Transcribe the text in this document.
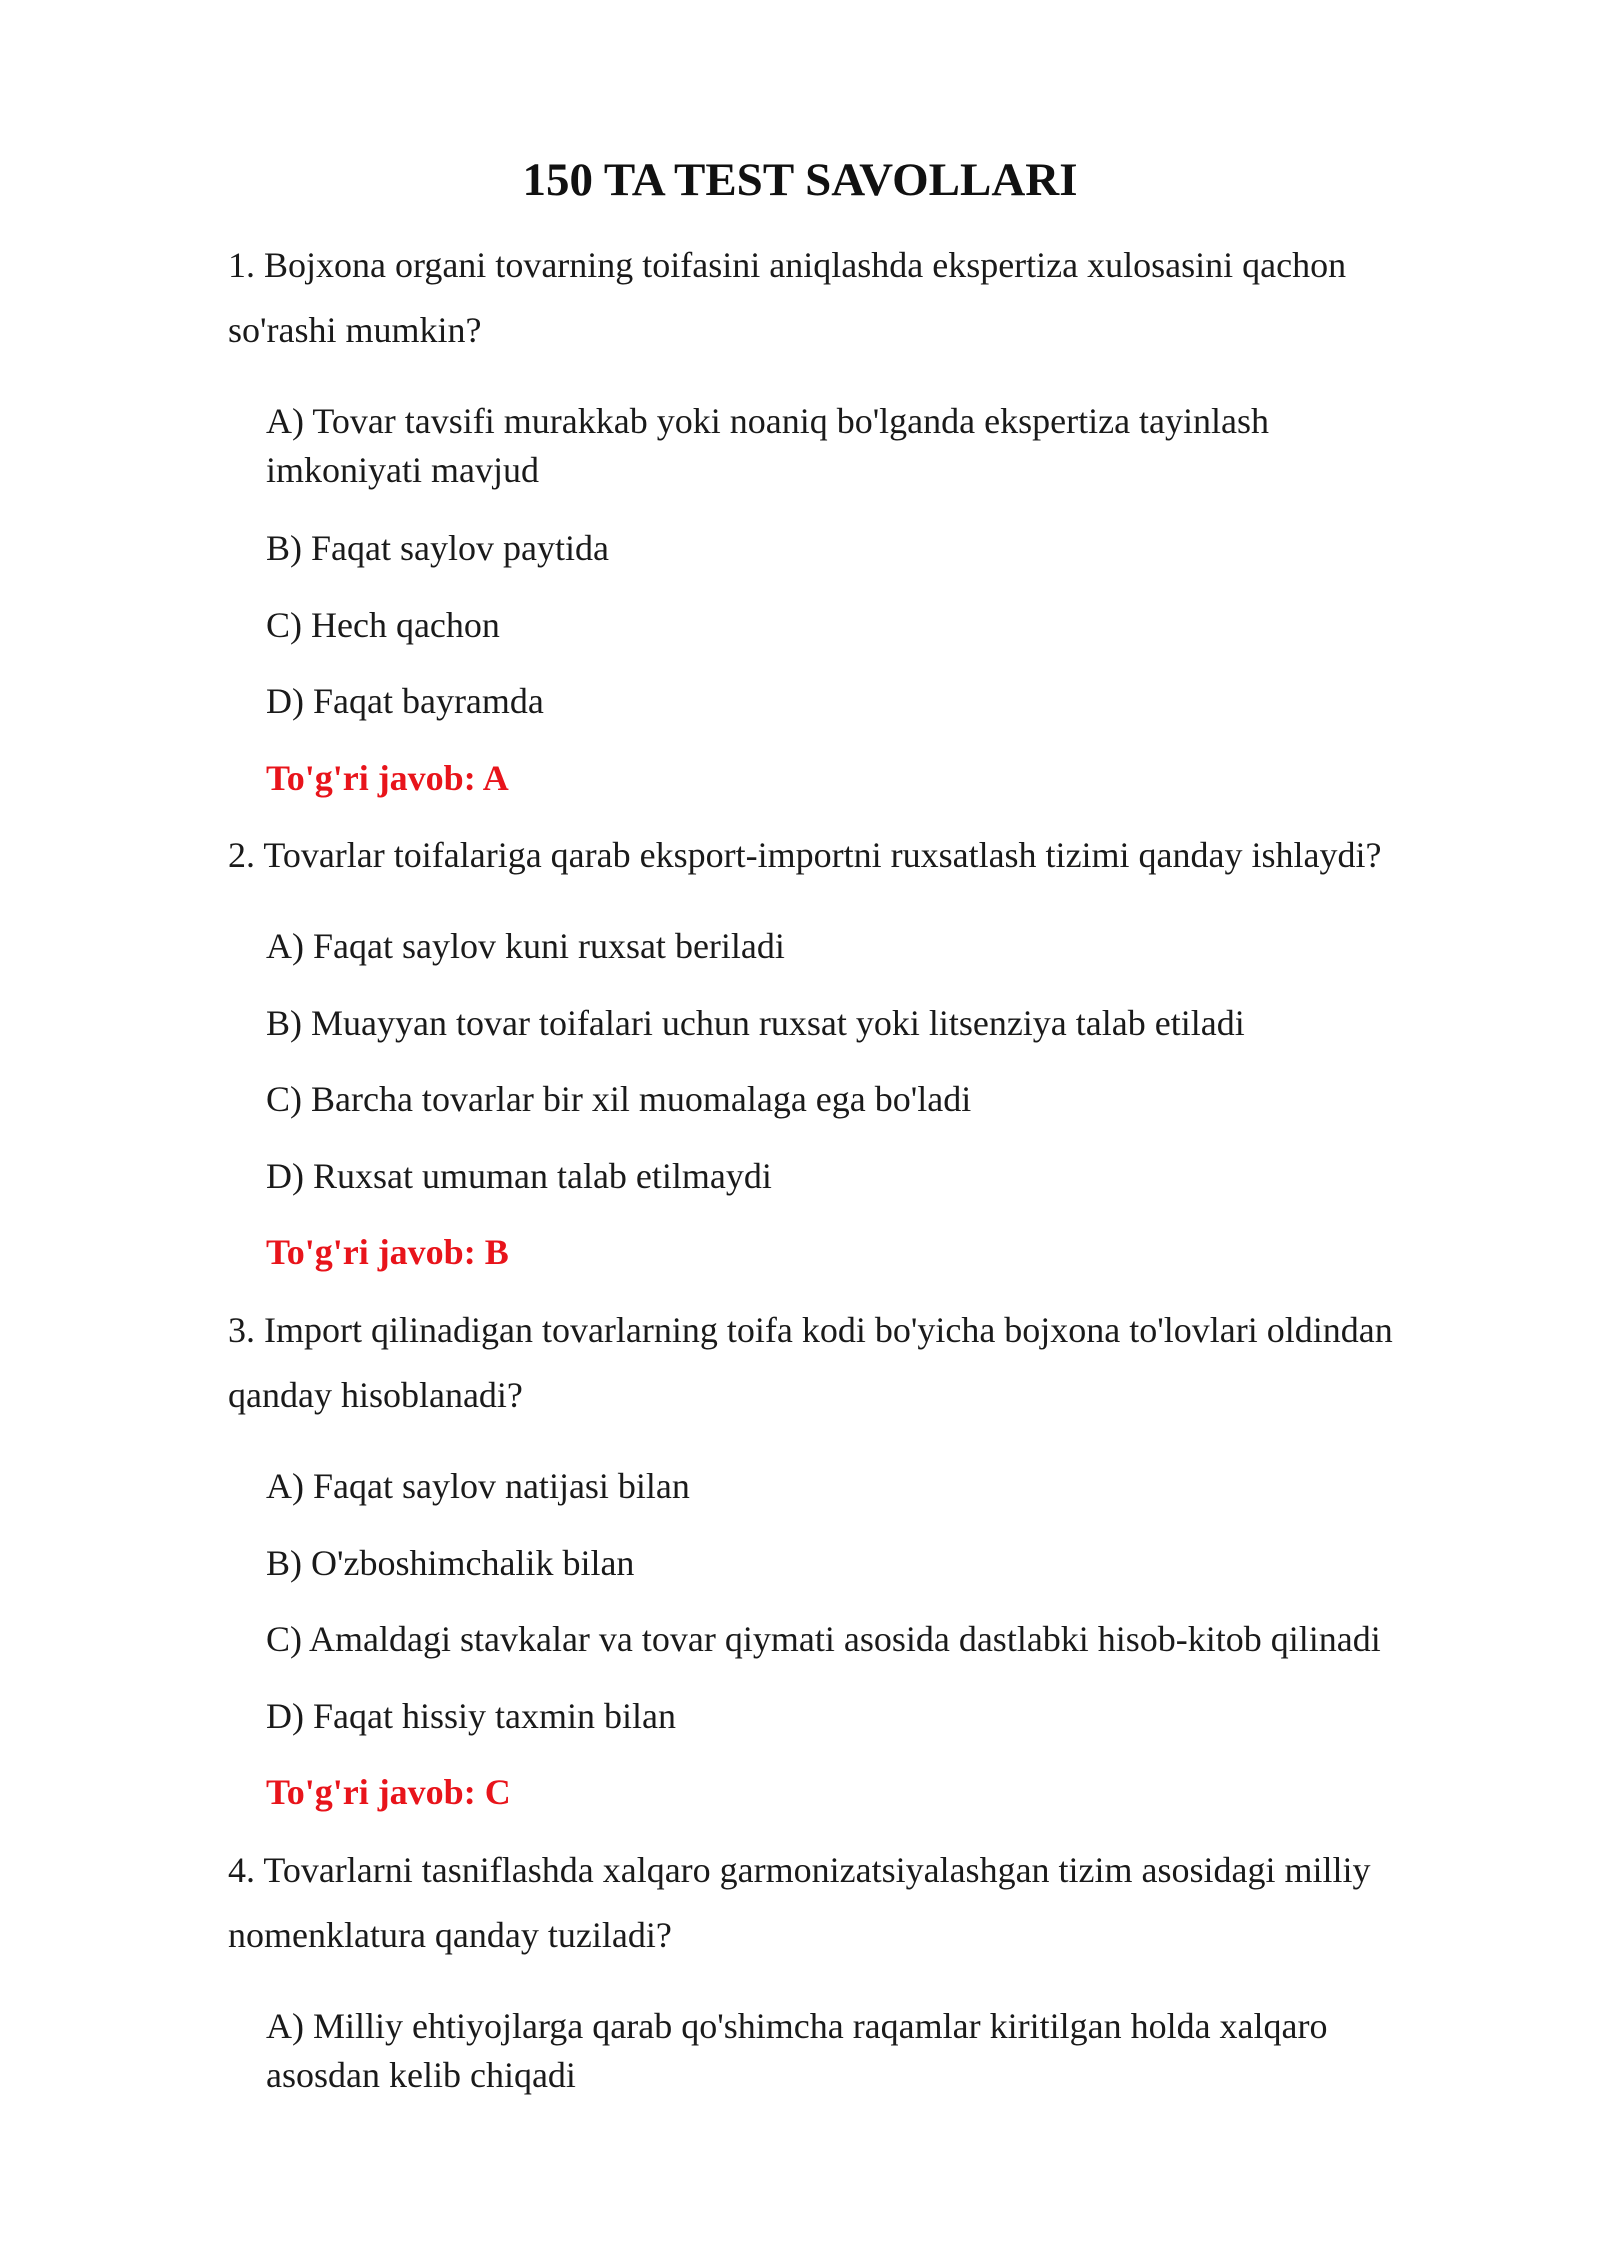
150 TA TEST SAVOLLARI
1. Bojxona organi tovarning toifasini aniqlashda ekspertiza xulosasini qachon
so'rashi mumkin?
A) Tovar tavsifi murakkab yoki noaniq bo'lganda ekspertiza tayinlash
imkoniyati mavjud
B) Faqat saylov paytida
C) Hech qachon
D) Faqat bayramda
To'g'ri javob: A
2. Tovarlar toifalariga qarab eksport-importni ruxsatlash tizimi qanday ishlaydi?
A) Faqat saylov kuni ruxsat beriladi
B) Muayyan tovar toifalari uchun ruxsat yoki litsenziya talab etiladi
C) Barcha tovarlar bir xil muomalaga ega bo'ladi
D) Ruxsat umuman talab etilmaydi
To'g'ri javob: B
3. Import qilinadigan tovarlarning toifa kodi bo'yicha bojxona to'lovlari oldindan
qanday hisoblanadi?
A) Faqat saylov natijasi bilan
B) O'zboshimchalik bilan
C) Amaldagi stavkalar va tovar qiymati asosida dastlabki hisob-kitob qilinadi
D) Faqat hissiy taxmin bilan
To'g'ri javob: C
4. Tovarlarni tasniflashda xalqaro garmonizatsiyalashgan tizim asosidagi milliy
nomenklatura qanday tuziladi?
A) Milliy ehtiyojlarga qarab qo'shimcha raqamlar kiritilgan holda xalqaro
asosdan kelib chiqadi
